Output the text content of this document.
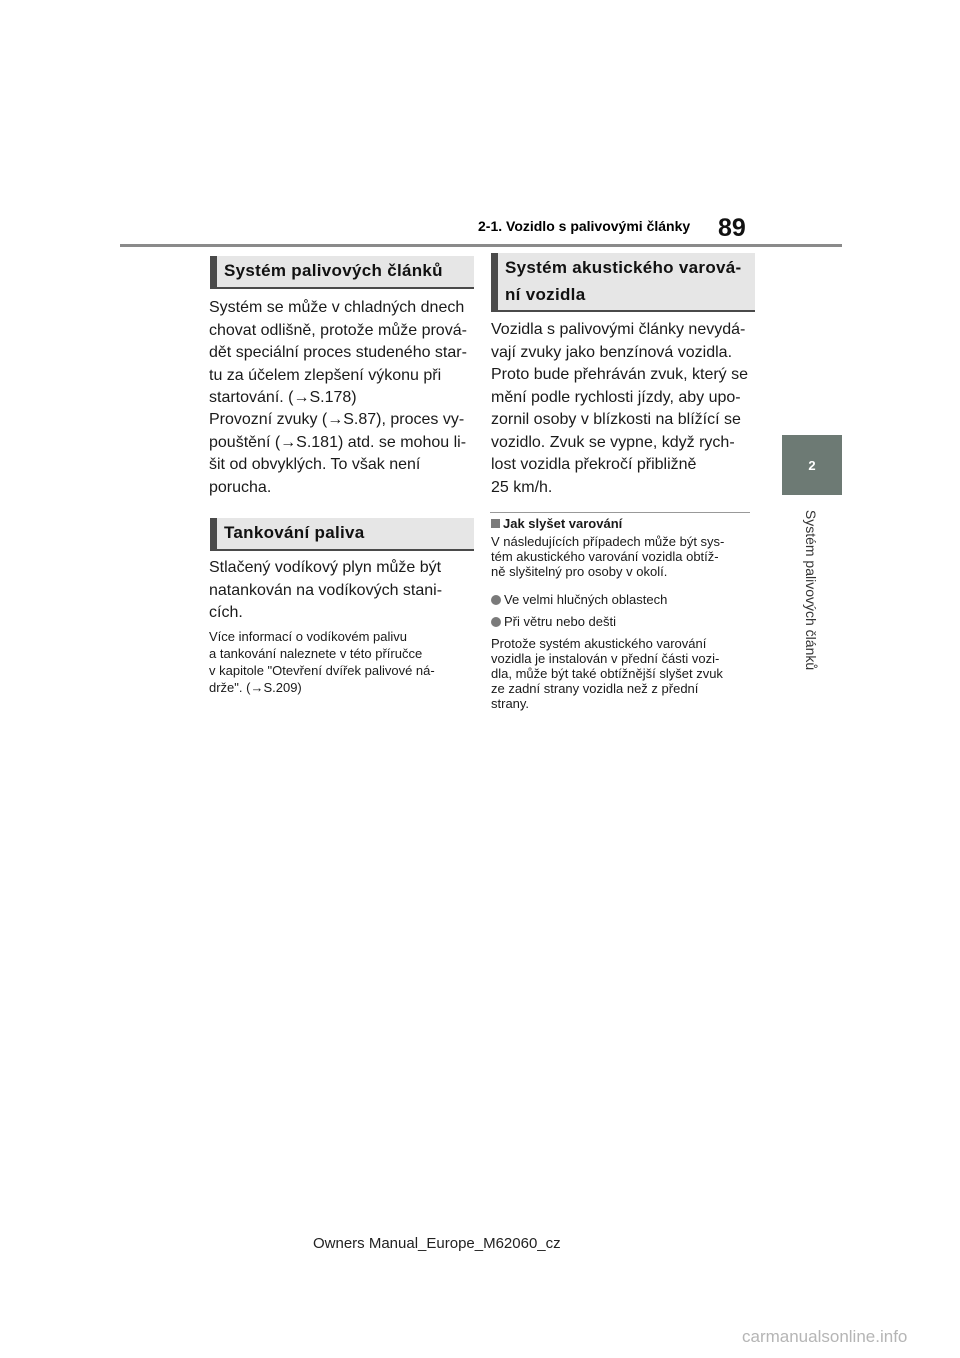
2-1. Vozidlo s palivovými články 89
2
Systém palivových článků
Systém palivových článků
Systém se může v chladných dnech
chovat odlišně, protože může prová-
dět speciální proces studeného star-
tu za účelem zlepšení výkonu při
startování. (→S.178)
Provozní zvuky (→S.87), proces vy-
pouštění (→S.181) atd. se mohou li-
šit od obvyklých. To však není
porucha.
Tankování paliva
Stlačený vodíkový plyn může být
natankován na vodíkových stani-
cích.
Více informací o vodíkovém palivu
a tankování naleznete v této příručce
v kapitole "Otevření dvířek palivové ná-
drže". (→S.209)
Systém akustického varová-
ní vozidla
Vozidla s palivovými články nevydá-
vají zvuky jako benzínová vozidla.
Proto bude přehráván zvuk, který se
mění podle rychlosti jízdy, aby upo-
zornil osoby v blízkosti na blížící se
vozidlo. Zvuk se vypne, když rych-
lost vozidla překročí přibližně
25 km/h.
Jak slyšet varování
V následujících případech může být sys-
tém akustického varování vozidla obtíž-
ně slyšitelný pro osoby v okolí.
Ve velmi hlučných oblastech
Při větru nebo dešti
Protože systém akustického varování
vozidla je instalován v přední části vozi-
dla, může být také obtížnější slyšet zvuk
ze zadní strany vozidla než z přední
strany.
Owners Manual_Europe_M62060_cz
carmanualsonline.info
